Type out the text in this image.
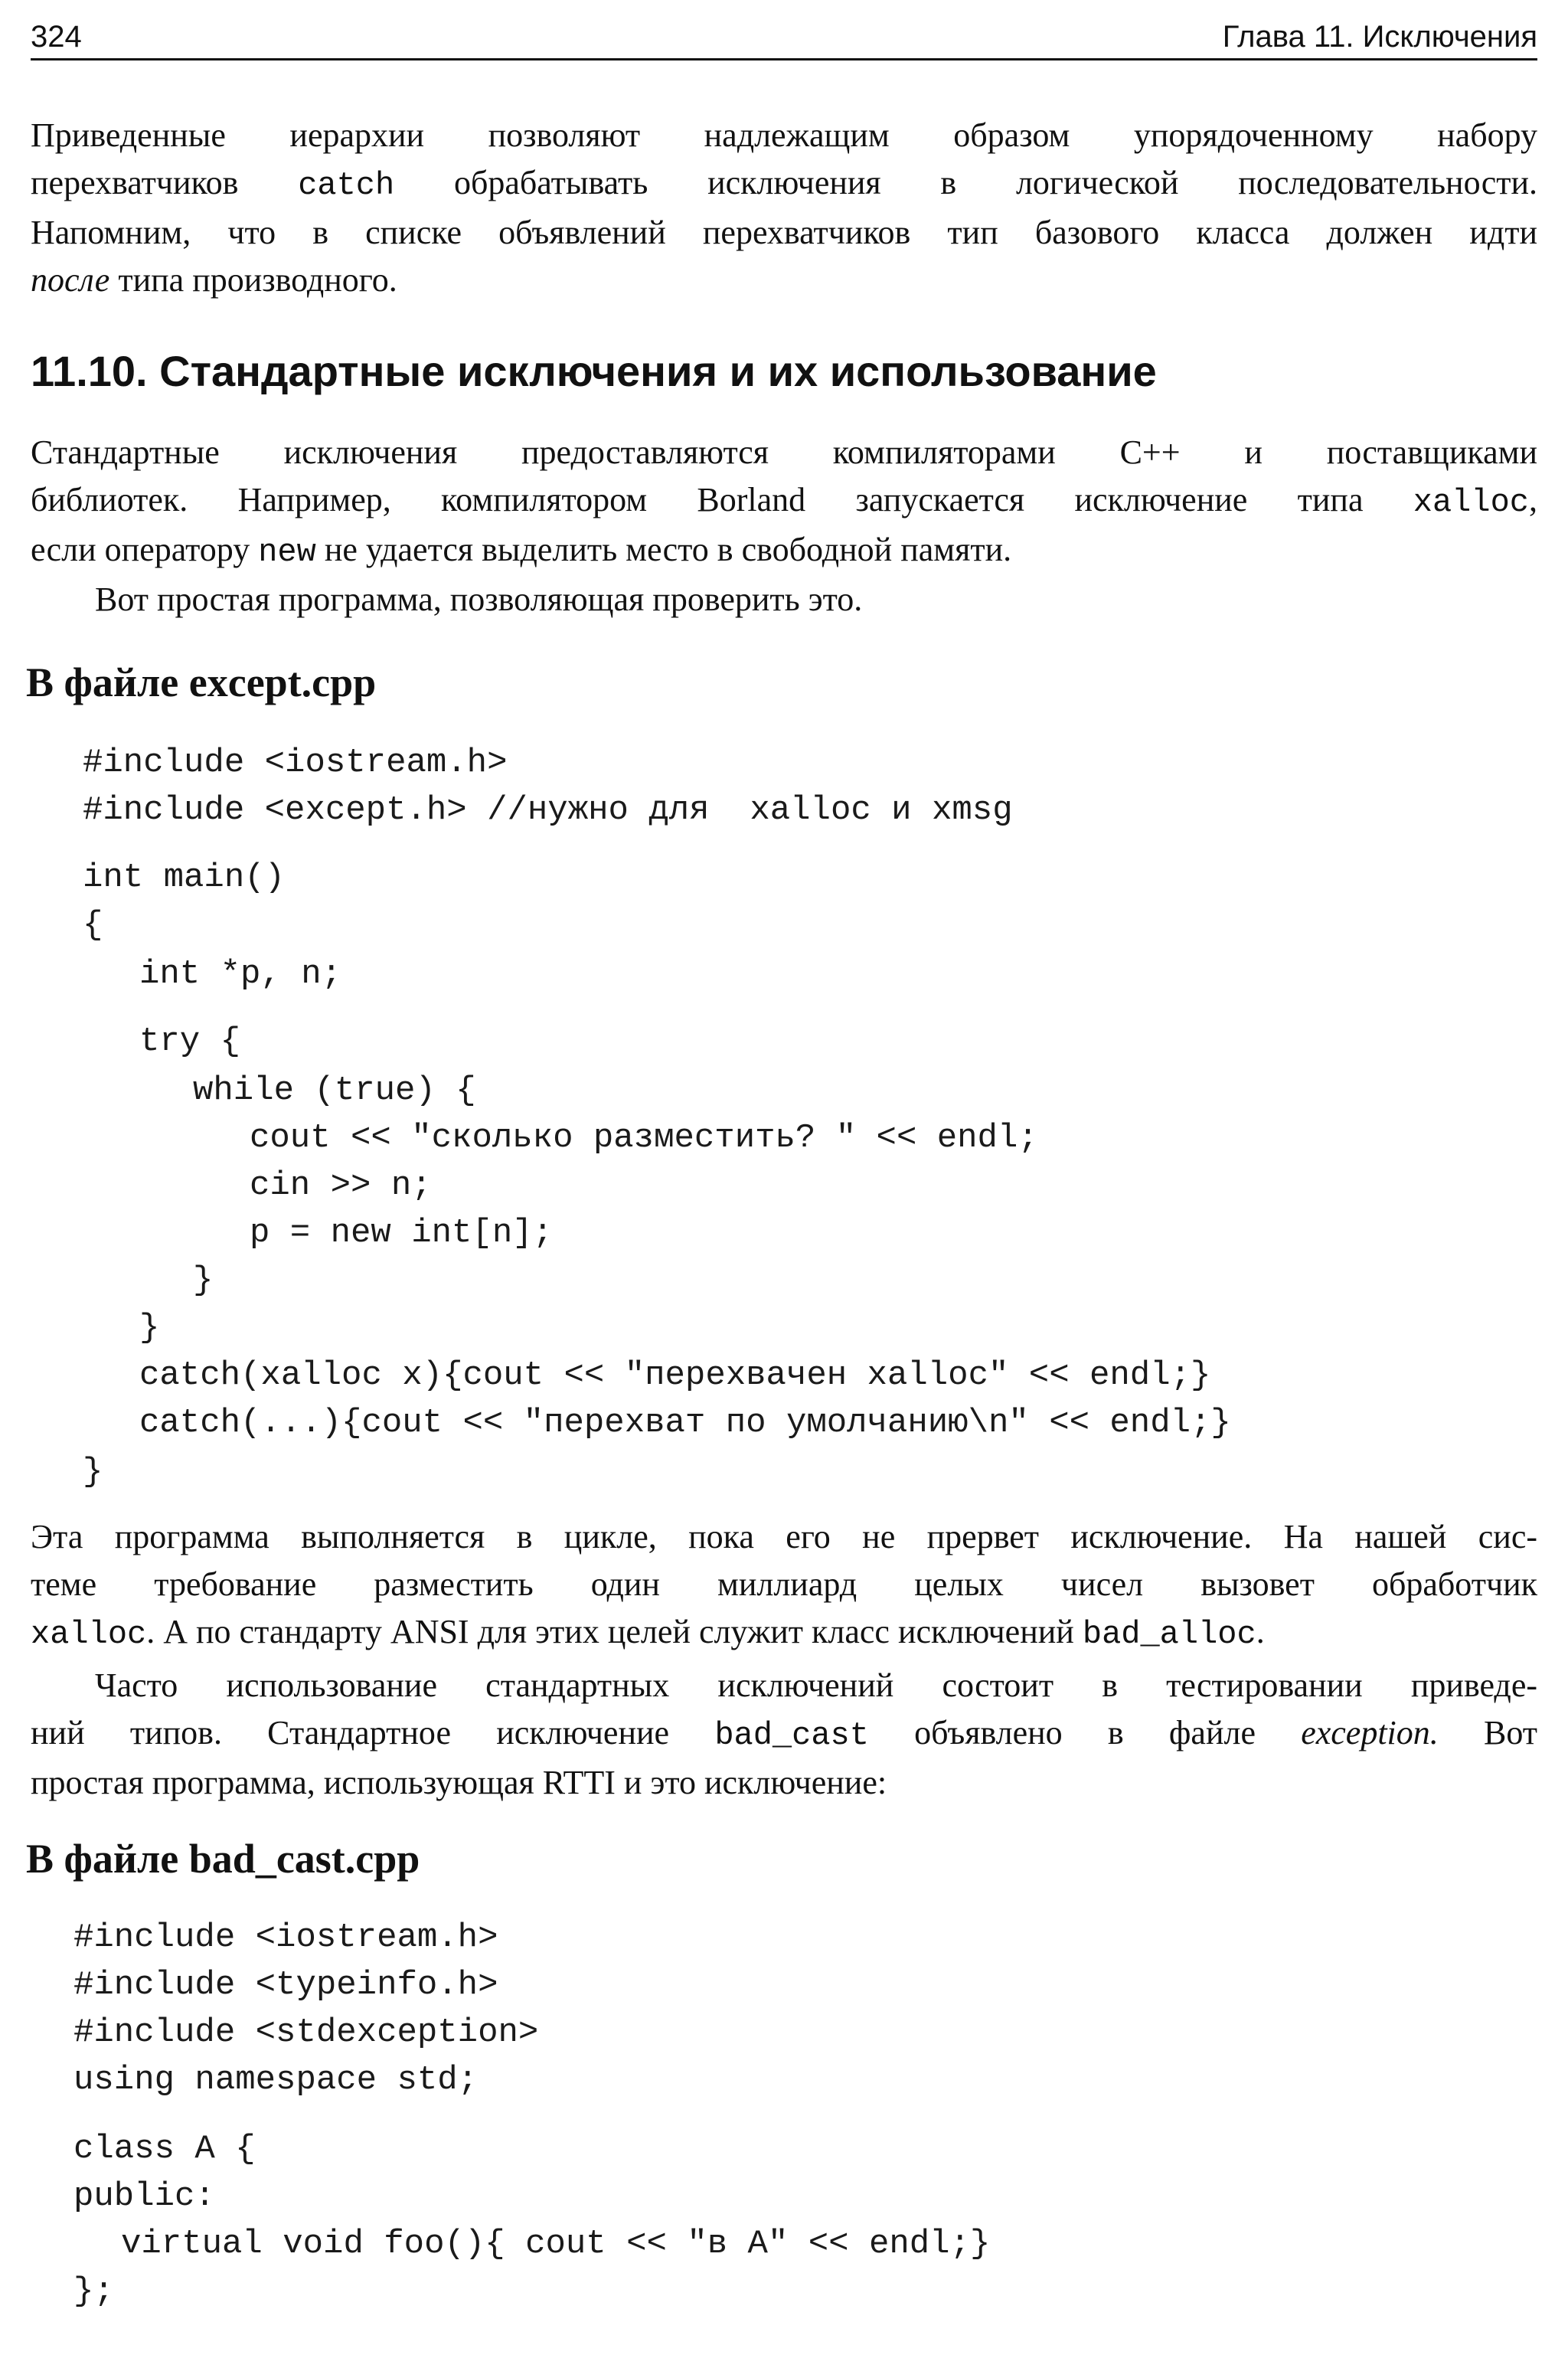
324	Глава 11. Исключения

Приведенные иерархии позволяют надлежащим образом упорядоченному набору
перехватчиков catch обрабатывать исключения в логической последовательности.
Напомним, что в списке объявлений перехватчиков тип базового класса должен идти
после типа производного.

11.10. Стандартные исключения и их использование

Стандартные исключения предоставляются компиляторами C++ и поставщиками
библиотек. Например, компилятором Borland запускается исключение типа xalloc,
если оператору new не удается выделить место в свободной памяти.

Вот простая программа, позволяющая проверить это.

В файле except.cpp
#include <iostream.h>
#include <except.h> //нужно для  xalloc и xmsg
int main()
{
int *p, n;
try {
while (true) {
cout << "сколько разместить? " << endl;
cin >> n;
p = new int[n];
}
}
catch(xalloc x){cout << "перехвачен xalloc" << endl;}
catch(...){cout << "перехват по умолчанию\n" << endl;}
}

Эта программа выполняется в цикле, пока его не прервет исключение. На нашей сис-
теме требование разместить один миллиард целых чисел вызовет обработчик
xalloc. А по стандарту ANSI для этих целей служит класс исключений bad_alloc.

Часто использование стандартных исключений состоит в тестировании приведе-
ний типов. Стандартное исключение bad_cast объявлено в файле exception. Вот
простая программа, использующая RTTI и это исключение:

В файле bad_cast.cpp
#include <iostream.h>
#include <typeinfo.h>
#include <stdexception>
using namespace std;
class A {
public:
virtual void foo(){ cout << "в A" << endl;}
};
